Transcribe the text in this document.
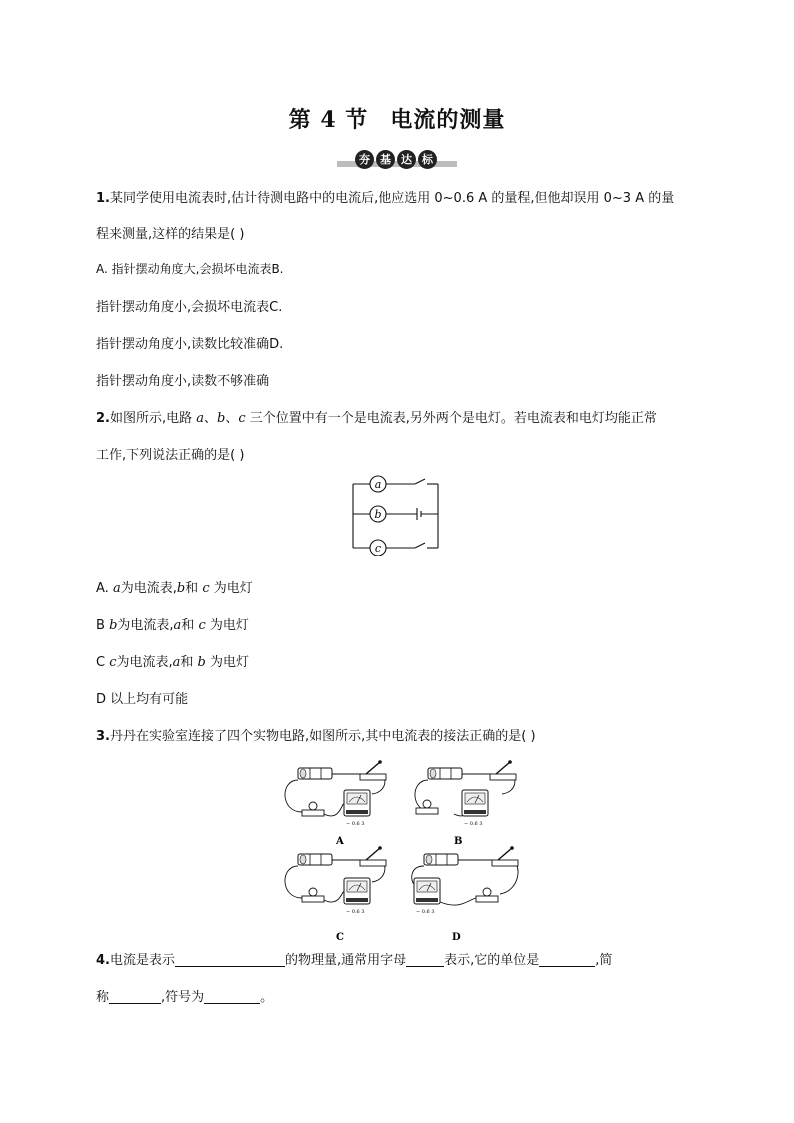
第 4 节 电流的测量
夯 基 达 标
1.某同学使用电流表时,估计待测电路中的电流后,他应选用 0~0.6 A 的量程,但他却误用 0~3 A 的量
程来测量,这样的结果是( )
A. 指针摆动角度大,会损坏电流表B.
指针摆动角度小,会损坏电流表C.
指针摆动角度小,读数比较准确D.
指针摆动角度小,读数不够准确
2.如图所示,电路 a、b、c 三个位置中有一个是电流表,另外两个是电灯。若电流表和电灯均能正常
工作,下列说法正确的是( )
a
b
c
A. a为电流表,b和 c 为电灯
B b为电流表,a和 c 为电灯
C c为电流表,a和 b 为电灯
D 以上均有可能
3.丹丹在实验室连接了四个实物电路,如图所示,其中电流表的接法正确的是( )
− 0.6 3
A
− 0.6 3
B
− 0.6 3
C
− 0.6 3
D
4.电流是表示	的物理量,通常用字母	表示,它的单位是	,简
称	,符号为	。
